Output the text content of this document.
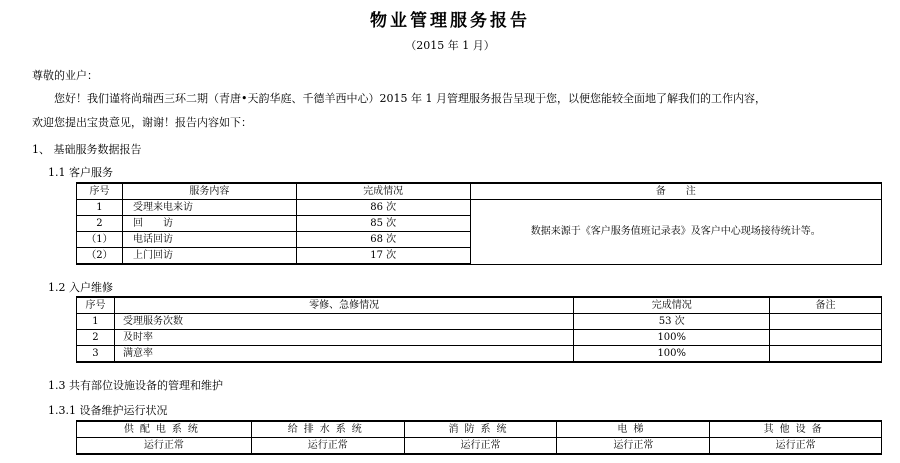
物业管理服务报告
（2015 年 1 月）
尊敬的业户：
您好！我们谨将尚瑞西三环二期（青唐•天韵华庭、千德羊西中心）2015 年 1 月管理服务报告呈现于您，以便您能较全面地了解我们的工作内容，
欢迎您提出宝贵意见，谢谢！报告内容如下：
1、 基础服务数据报告
1.1 客户服务
序号	服务内容	完成情况	备　　注
1	受理来电来访	86 次	数据来源于《客户服务值班记录表》及客户中心现场接待统计等。
2	回　　访	85 次	
（1）	电话回访	68 次	
（2）	上门回访	17 次	
1.2 入户维修
序号	零修、急修情况	完成情况	备注
1	受理服务次数	53 次	
2	及时率	100%	
3	满意率	100%	
1.3 共有部位设施设备的管理和维护
1.3.1 设备维护运行状况
供配电系统	给排水系统	消防系统	电梯	其他设备
运行正常	运行正常	运行正常	运行正常	运行正常
